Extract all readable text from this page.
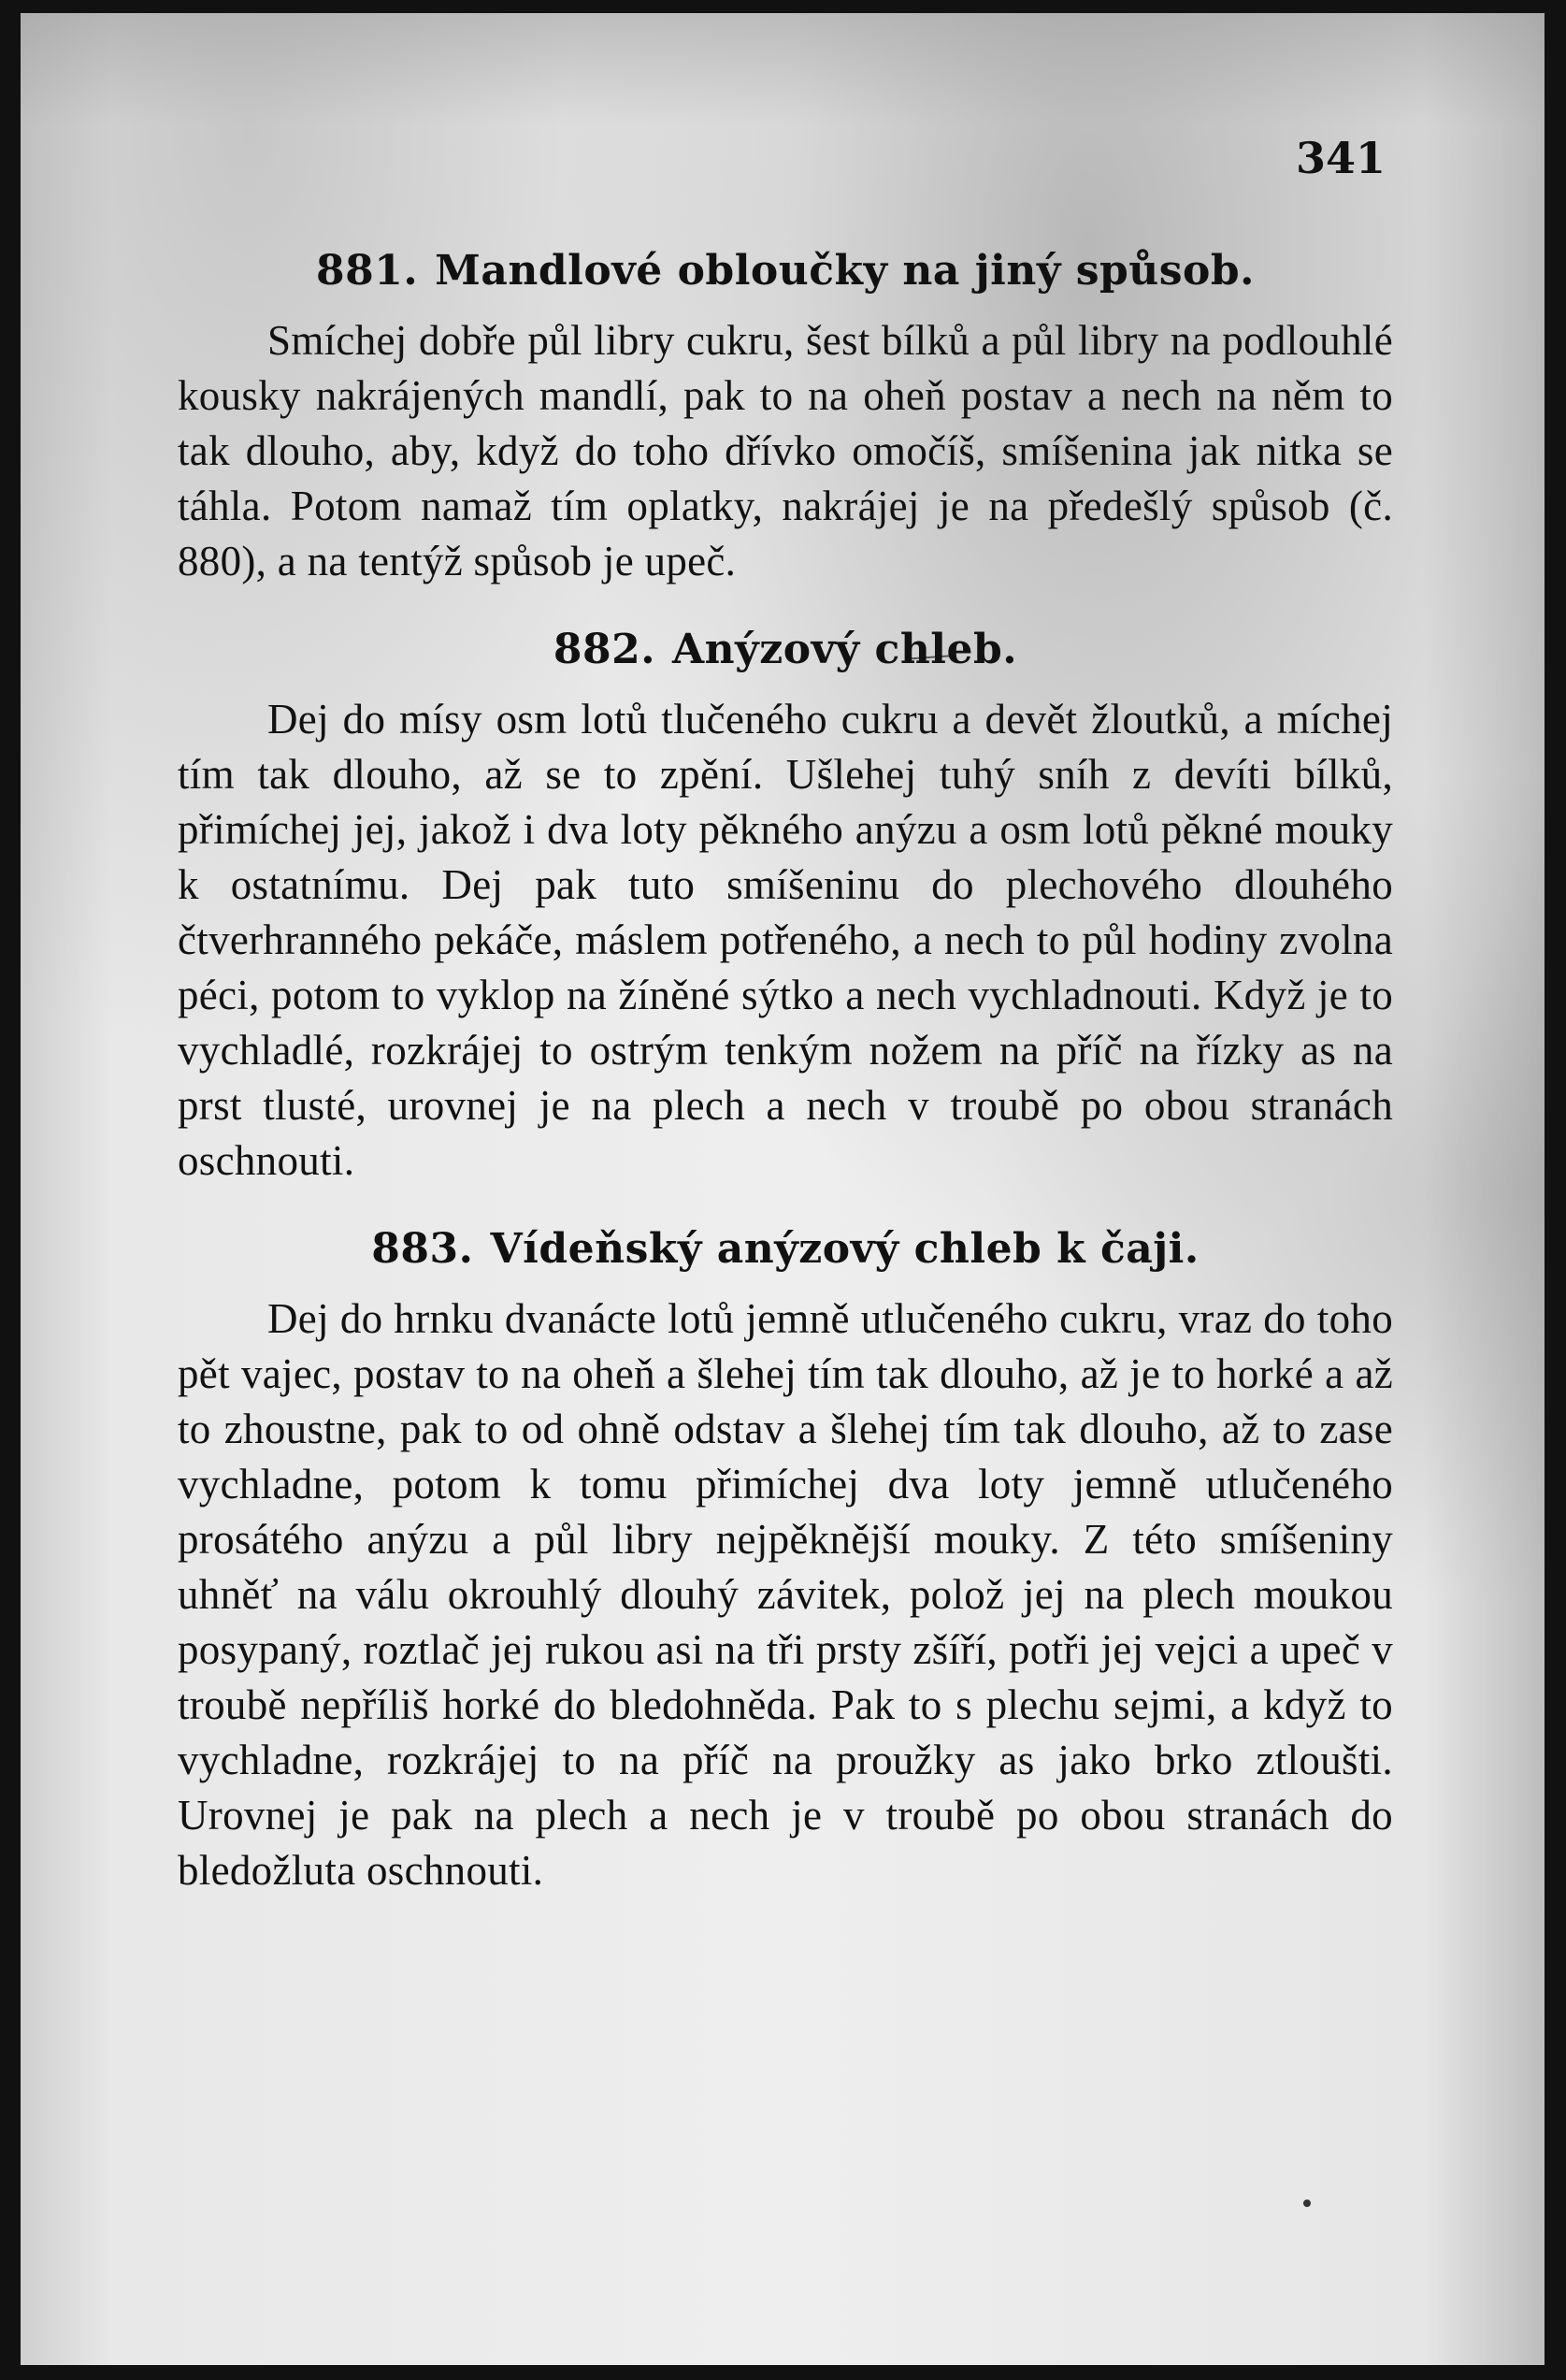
341
881. Mandlové obloučky na jiný spůsob.

Smíchej dobře půl libry cukru, šest bílků a půl libry na podlouhlé kousky nakrájených mandlí, pak to na oheň postav a nech na něm to tak dlouho, aby, když do toho dřívko omočíš, smíšenina jak nitka se táhla. Potom namaž tím oplatky, nakrájej je na předešlý spůsob (č. 880), a na tentýž spůsob je upeč.

882. Anýzový chleb.

Dej do mísy osm lotů tlučeného cukru a devět žloutků, a míchej tím tak dlouho, až se to zpění. Ušlehej tuhý sníh z devíti bílků, přimíchej jej, jakož i dva loty pěkného anýzu a osm lotů pěkné mouky k ostatnímu. Dej pak tuto smíšeninu do plechového dlouhého čtverhranného pekáče, máslem potřeného, a nech to půl hodiny zvolna péci, potom to vyklop na žíněné sýtko a nech vychladnouti. Když je to vychladlé, rozkrájej to ostrým tenkým nožem na příč na řízky as na prst tlusté, urovnej je na plech a nech v troubě po obou stranách oschnouti.

883. Vídeňský anýzový chleb k čaji.

Dej do hrnku dvanácte lotů jemně utlučeného cukru, vraz do toho pět vajec, postav to na oheň a šlehej tím tak dlouho, až je to horké a až to zhoustne, pak to od ohně odstav a šlehej tím tak dlouho, až to zase vychladne, potom k tomu přimíchej dva loty jemně utlučeného prosátého anýzu a půl libry nejpěknější mouky. Z této smíšeniny uhněť na válu okrouhlý dlouhý závitek, polož jej na plech moukou posypaný, roztlač jej rukou asi na tři prsty zšíří, potři jej vejci a upeč v troubě nepříliš horké do bledohnědа. Pak to s plechu sejmi, a když to vychladne, rozkrájej to na příč na proužky as jako brko ztloušti. Urovnej je pak na plech a nech je v troubě po obou stranách do bledožluta oschnouti.
